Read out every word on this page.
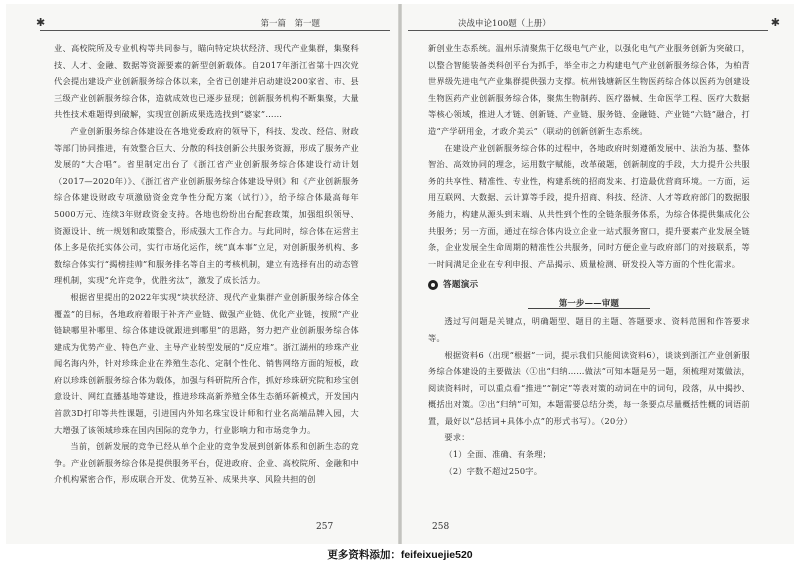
✱	第一篇　第一题

业、高校院所及专业机构等共同参与，瞄向特定块状经济、现代产业集群，集聚科技、人才、金融、数据等资源要素的新型创新载体。自2017年浙江省第十四次党代会提出建设产业创新服务综合体以来，全省已创建并启动建设200家省、市、县三级产业创新服务综合体，造就成效也已逐步显现；创新服务机构不断集聚，大量共性技术难题得到破解，实现宣创新成果选选找到“婆家”……

产业创新服务综合体建设在各地党委政府的领导下，科技、发改、经信、财政等部门协同推进，有效整合巨大、分散的科技创新公共服务资源，形成了服务产业发展的“大合唱”。省里制定出台了《浙江省产业创新服务综合体建设行动计划（2017—2020年）》、《浙江省产业创新服务综合体建设导则》和《产业创新服务综合体建设财政专项激励资金竞争性分配方案（试行）》，给予综合体最高每年5000万元、连续3年财政资金支持。各地也纷纷出台配套政策，加强组织领导、资源设计、统一规划和政策整合，形成强大工作合力。与此同时，综合体在运营主体上多是依托实体公司，实行市场化运作，统“真本事”立足，对创新服务机构、多数综合体实行“揭榜挂帅”和服务排名等自主的考核机制，建立有选择有出的动态管理机制，实现“允许竞争，优胜劣汰”，激发了成长活力。

根据省里提出的2022年实现“块状经济、现代产业集群产业创新服务综合体全覆盖”的目标，各地政府着眼于补齐产业链、做强产业链、优化产业链，按照“产业链缺哪里补哪里、综合体建设就跟进到哪里”的思路，努力把产业创新服务综合体建成为优势产业、特色产业、主导产业转型发展的“反应堆”。浙江湖州的珍珠产业闻名海内外，针对珍珠企业在养殖生态化、定制个性化、销售网络方面的短板，政府以珍珠创新服务综合体为载体，加强与科研院所合作，抓好珍珠研究院和珍宝创意设计、网红直播基地等建设，推进珍珠高新养殖全体生态循环新模式，开发国内首款3D打印等共性课题，引进国内外知名珠宝设计师和行业名高端品牌入园，大大增强了该领域珍珠在国内国际的竞争力，行业影响力和市场竞争力。

当前，创新发展的竞争已经从单个企业的竞争发展到创新体系和创新生态的竞争。产业创新服务综合体是提供服务平台，促进政府、企业、高校院所、金融和中介机构紧密合作，形成联合开发、优势互补、成果共享、风险共担的创

257
决战申论100题（上册）	✱

新创业生态系统。温州乐清聚焦于亿级电气产业，以强化电气产业服务创新为突破口，以整合智能装备类科创平台为抓手，举全市之力构建电气产业创新服务综合体，为柏青世界级先进电气产业集群提供强力支撑。杭州钱塘新区生物医药综合体以医药为创建设生物医药产业创新服务综合体，聚焦生物制药、医疗器械、生命医学工程、医疗大数据等核心领域，推进人才链、创新链、产业链、服务链、金融链、产业链“六链”融合，打造“产学研用金，才政介美云”（联动的创新创新生态系统。

在建设产业创新服务综合体的过程中，各地政府时刻遵循发展中、法治为基、整体智治、高效协同的理念，运用数字赋能，改革破题，创新制度的手段，大力提升公共服务的共享性、精准性、专业性，构建系统的招商发来、打造最优营商环境。一方面，运用互联网、大数据、云计算等手段，提升招商、科技、经济、人才等政府部门的数据服务能力，构建从源头到末端、从共性到个性的全链条服务体系，为综合体提供集成化公共服务；另一方面，通过在综合体内设立企业一站式服务窗口，提升要素产业发展全链条，企业发展全生命周期的精准性公共服务，同时方便企业与政府部门的对接联系，等一时间满足企业在专利申报、产品揭示、质量检测、研发投入等方面的个性化需求。

答题演示
第一步——审题

透过写问题是关键点，明确题型、题目的主题、答题要求、资料范围和作答要求等。

根据资料6（出现“根据”一词，提示我们只能阅读资料6），谈谈到浙江产业创新服务综合体建设的主要做法（①出“归纳……做法”可知本题是另一题，须梳理对策做法，阅读资料时，可以重点看“推进”“制定”等表对策的动词在中的词句，段落，从中揭抄、概括出对策。②出“归纳”可知，本题需要总结分类，每一条要点尽量概括性概的词语前置，最好以“总括词+具体小点”的形式书写）。（20分）

要求：

（1）全面、准确、有条理；

（2）字数不超过250字。

258
更多资料添加：feifeixuejie520
